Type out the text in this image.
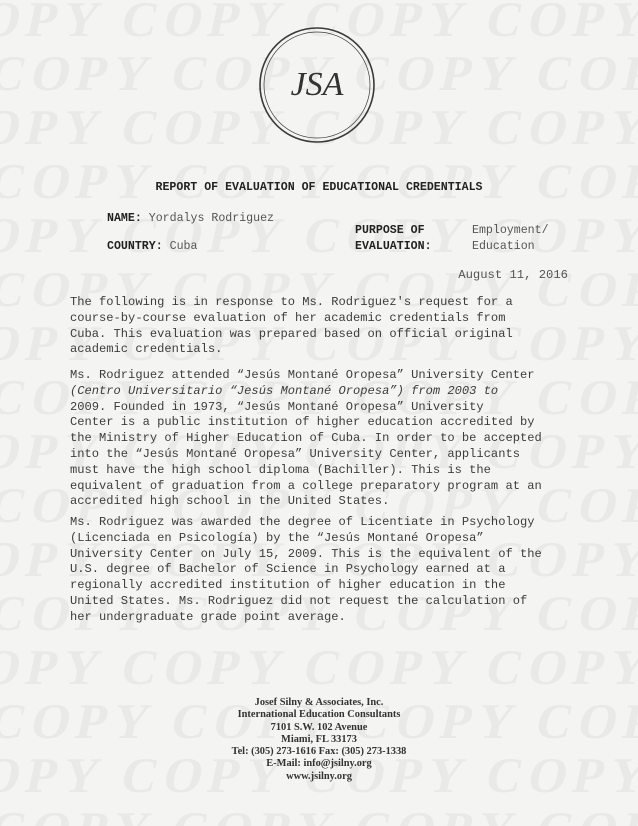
JSA
REPORT OF EVALUATION OF EDUCATIONAL CREDENTIALS
NAME: Yordalys Rodriguez
COUNTRY: Cuba
PURPOSE OF
EVALUATION:
Employment/
Education
August 11, 2016
The following is in response to Ms. Rodriguez's request for a
course-by-course evaluation of her academic credentials from
Cuba. This evaluation was prepared based on official original
academic credentials.
Ms. Rodriguez attended “Jesús Montané Oropesa” University Center
(Centro Universitario “Jesús Montané Oropesa”) from 2003 to
2009. Founded in 1973, “Jesús Montané Oropesa” University
Center is a public institution of higher education accredited by
the Ministry of Higher Education of Cuba. In order to be accepted
into the “Jesús Montané Oropesa” University Center, applicants
must have the high school diploma (Bachiller). This is the
equivalent of graduation from a college preparatory program at an
accredited high school in the United States.
Ms. Rodriguez was awarded the degree of Licentiate in Psychology
(Licenciada en Psicología) by the “Jesús Montané Oropesa”
University Center on July 15, 2009. This is the equivalent of the
U.S. degree of Bachelor of Science in Psychology earned at a
regionally accredited institution of higher education in the
United States. Ms. Rodriguez did not request the calculation of
her undergraduate grade point average.
Josef Silny & Associates, Inc.
International Education Consultants
7101 S.W. 102 Avenue
Miami, FL 33173
Tel: (305) 273-1616 Fax: (305) 273-1338
E-Mail: info@jsilny.org
www.jsilny.org
